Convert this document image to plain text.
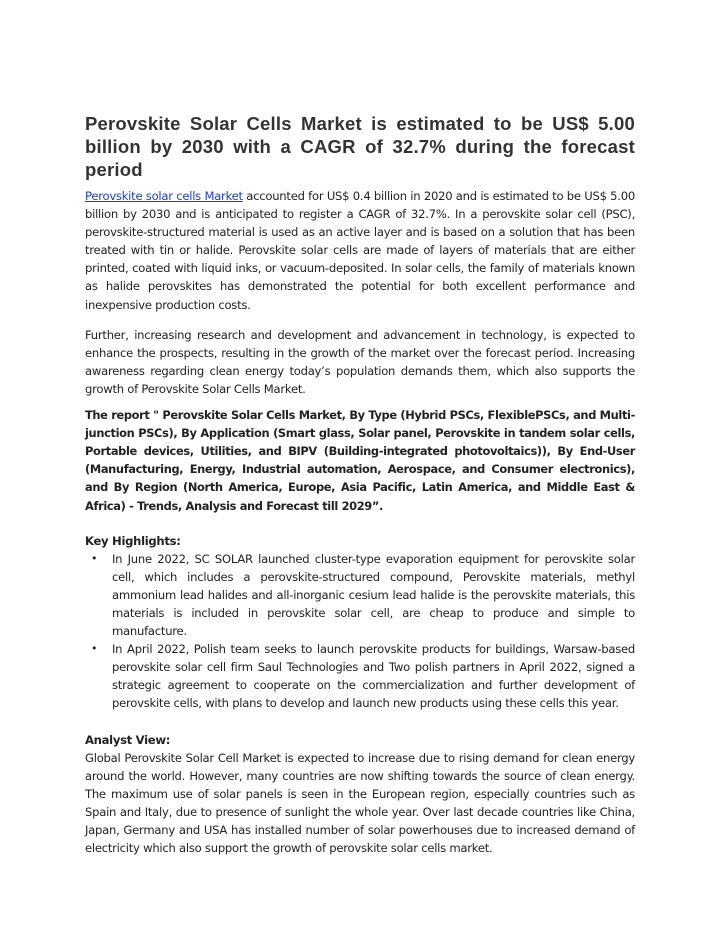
Perovskite Solar Cells Market is estimated to be US$ 5.00 billion by 2030 with a CAGR of 32.7% during the forecast period

Perovskite solar cells Market accounted for US$ 0.4 billion in 2020 and is estimated to be US$ 5.00 billion by 2030 and is anticipated to register a CAGR of 32.7%. In a perovskite solar cell (PSC), perovskite-structured material is used as an active layer and is based on a solution that has been treated with tin or halide. Perovskite solar cells are made of layers of materials that are either printed, coated with liquid inks, or vacuum-deposited. In solar cells, the family of materials known as halide perovskites has demonstrated the potential for both excellent performance and inexpensive production costs.

Further, increasing research and development and advancement in technology, is expected to enhance the prospects, resulting in the growth of the market over the forecast period. Increasing awareness regarding clean energy today’s population demands them, which also supports the growth of Perovskite Solar Cells Market.

The report " Perovskite Solar Cells Market, By Type (Hybrid PSCs, FlexiblePSCs, and Multi-junction PSCs), By Application (Smart glass, Solar panel, Perovskite in tandem solar cells, Portable devices, Utilities, and BIPV (Building-integrated photovoltaics)), By End-User (Manufacturing, Energy, Industrial automation, Aerospace, and Consumer electronics), and By Region (North America, Europe, Asia Pacific, Latin America, and Middle East & Africa) - Trends, Analysis and Forecast till 2029”.

Key Highlights:

• In June 2022, SC SOLAR launched cluster-type evaporation equipment for perovskite solar cell, which includes a perovskite-structured compound, Perovskite materials, methyl ammonium lead halides and all-inorganic cesium lead halide is the perovskite materials, this materials is included in perovskite solar cell, are cheap to produce and simple to manufacture.
• In April 2022, Polish team seeks to launch perovskite products for buildings, Warsaw-based perovskite solar cell firm Saul Technologies and Two polish partners in April 2022, signed a strategic agreement to cooperate on the commercialization and further development of perovskite cells, with plans to develop and launch new products using these cells this year.

Analyst View:

Global Perovskite Solar Cell Market is expected to increase due to rising demand for clean energy around the world. However, many countries are now shifting towards the source of clean energy. The maximum use of solar panels is seen in the European region, especially countries such as Spain and Italy, due to presence of sunlight the whole year. Over last decade countries like China, Japan, Germany and USA has installed number of solar powerhouses due to increased demand of electricity which also support the growth of perovskite solar cells market.
